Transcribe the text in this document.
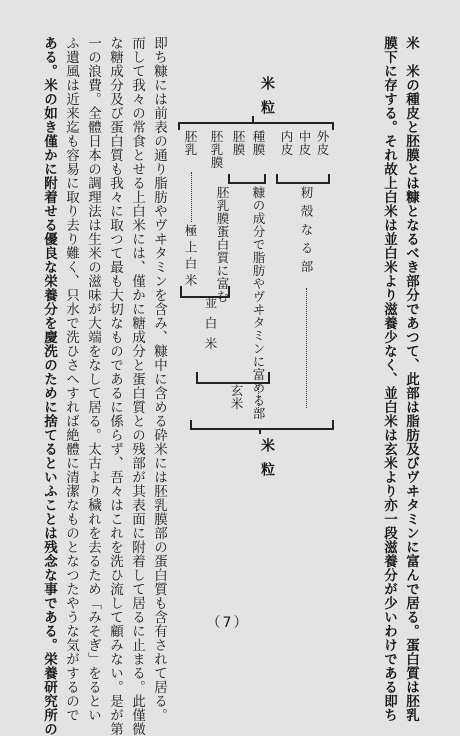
米　米の種皮と胚膜とは糠となるべき部分であつて、此部は脂肪及びヴヰタミンに富んで居る。蛋白質は胚乳
膜下に存する。それ故上白米は並白米より滋養少なく、並白米は玄米より亦一段滋養分が少いわけである即ち
米粒
外皮
中皮
内皮
種膜
胚膜
胚乳膜
胚乳
籾殻なる部
糠の成分で脂肪やヴヰタミンに富める部
胚乳膜蛋白質に富む
極上白米
並白米
玄米
米粒
即ち糠には前表の通り脂肪やヴヰタミンを含み、糠中に含める砕米には胚乳膜部の蛋白質も含有されて居る。
而して我々の常食とせる上白米には、僅かに糖成分と蛋白質との残部が其表面に附着して居るに止まる。此僅微
な糖成分及び蛋白質も我々に取つて最も大切なものであるに係らず、吾々はこれを洗ひ流して顧みない。是が第
一の浪費。全體日本の調理法は生米の滋味が大端をなして居る。太古より穢れを去るため「みそぎ」をるとい
ふ遺風は近来迄も容易に取り去り難く、只水で洗ひさへすれば絶體に清潔なものとなつたやうな気がするので
ある。米の如き僅かに附着せる優良な栄養分を慶洗のために捨てるといふことは残念な事である。栄養研究所の	（7）
